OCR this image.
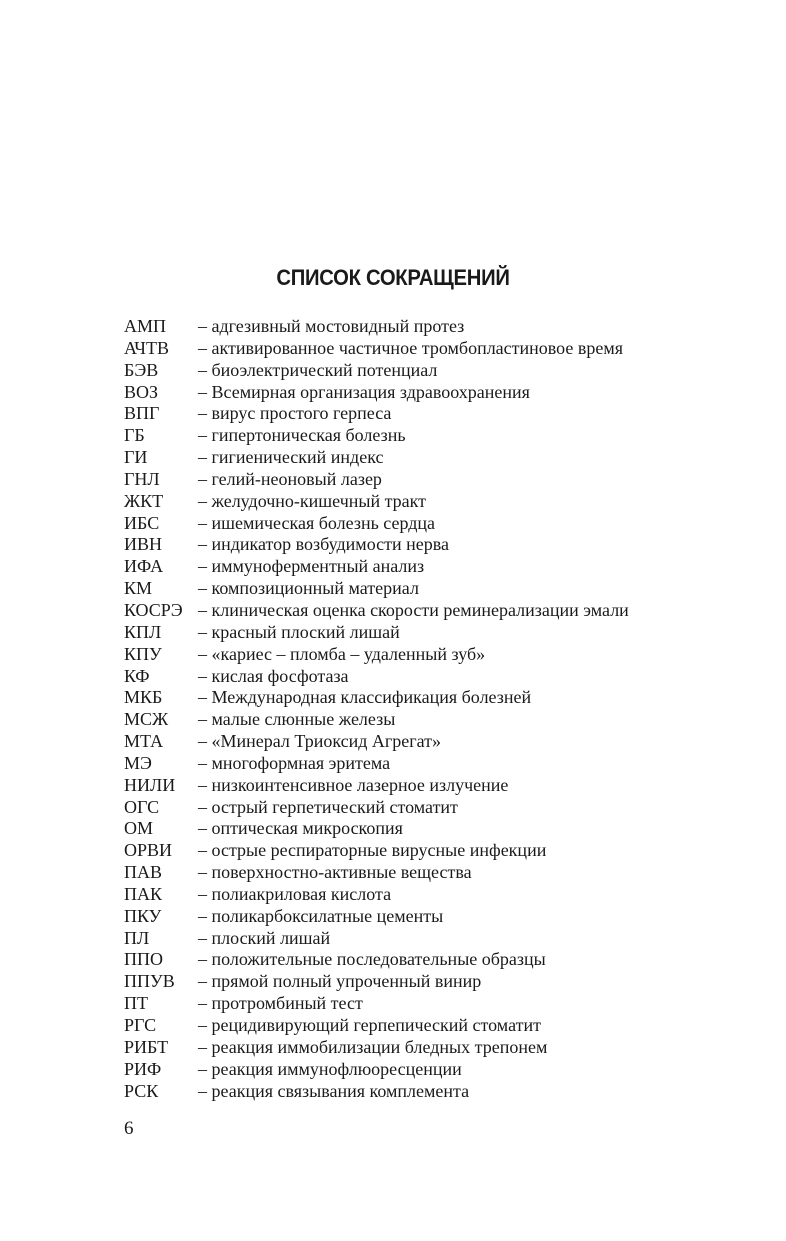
СПИСОК СОКРАЩЕНИЙ
АМП	– адгезивный мостовидный протез
АЧТВ	– активированное частичное тромбопластиновое время
БЭВ	– биоэлектрический потенциал
ВОЗ	– Всемирная организация здравоохранения
ВПГ	– вирус простого герпеса
ГБ	– гипертоническая болезнь
ГИ	– гигиенический индекс
ГНЛ	– гелий-неоновый лазер
ЖКТ	– желудочно-кишечный тракт
ИБС	– ишемическая болезнь сердца
ИВН	– индикатор возбудимости нерва
ИФА	– иммуноферментный анализ
КМ	– композиционный материал
КОСРЭ – клиническая оценка скорости реминерализации эмали
КПЛ	– красный плоский лишай
КПУ	– «кариес – пломба – удаленный зуб»
КФ	– кислая фосфотаза
МКБ	– Международная классификация болезней
МСЖ	– малые слюнные железы
МТА	– «Минерал Триоксид Агрегат»
МЭ	– многоформная эритема
НИЛИ	– низкоинтенсивное лазерное излучение
ОГС	– острый герпетический стоматит
ОМ	– оптическая микроскопия
ОРВИ	– острые респираторные вирусные инфекции
ПАВ	– поверхностно-активные вещества
ПАК	– полиакриловая кислота
ПКУ	– поликарбоксилатные цементы
ПЛ	– плоский лишай
ППО	– положительные последовательные образцы
ППУВ	– прямой полный упроченный винир
ПТ	– протромбиный тест
РГС	– рецидивирующий герпепический стоматит
РИБТ	– реакция иммобилизации бледных трепонем
РИФ	– реакция иммунофлюоресценции
РСК	– реакция связывания комплемента
6
